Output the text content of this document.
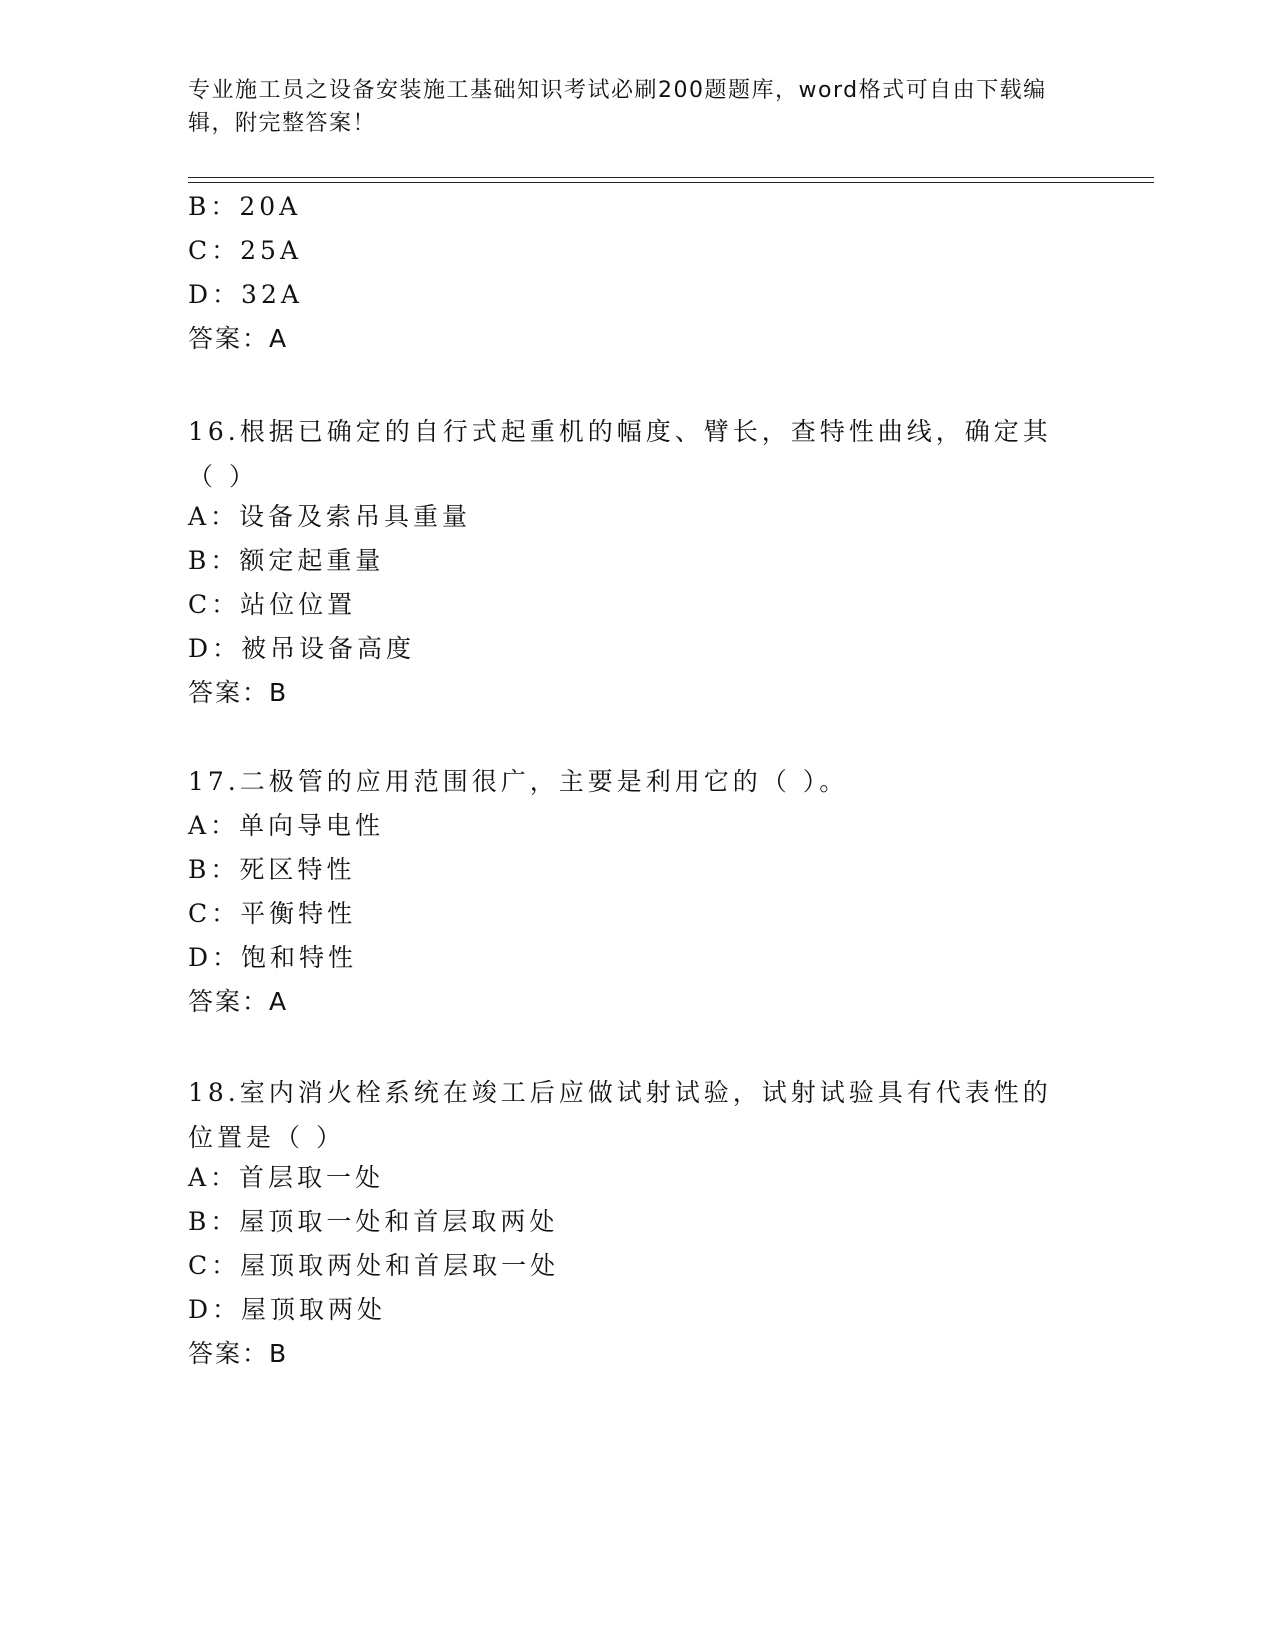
专业施工员之设备安装施工基础知识考试必刷200题题库，word格式可自由下载编辑，附完整答案！
B：20A
C：25A
D：32A
答案：A
16.根据已确定的自行式起重机的幅度、臂长，查特性曲线，确定其（ ）
A：设备及索吊具重量
B：额定起重量
C：站位位置
D：被吊设备高度
答案：B
17.二极管的应用范围很广，主要是利用它的（ ）。
A：单向导电性
B：死区特性
C：平衡特性
D：饱和特性
答案：A
18.室内消火栓系统在竣工后应做试射试验，试射试验具有代表性的位置是（ ）
A：首层取一处
B：屋顶取一处和首层取两处
C：屋顶取两处和首层取一处
D：屋顶取两处
答案：B
